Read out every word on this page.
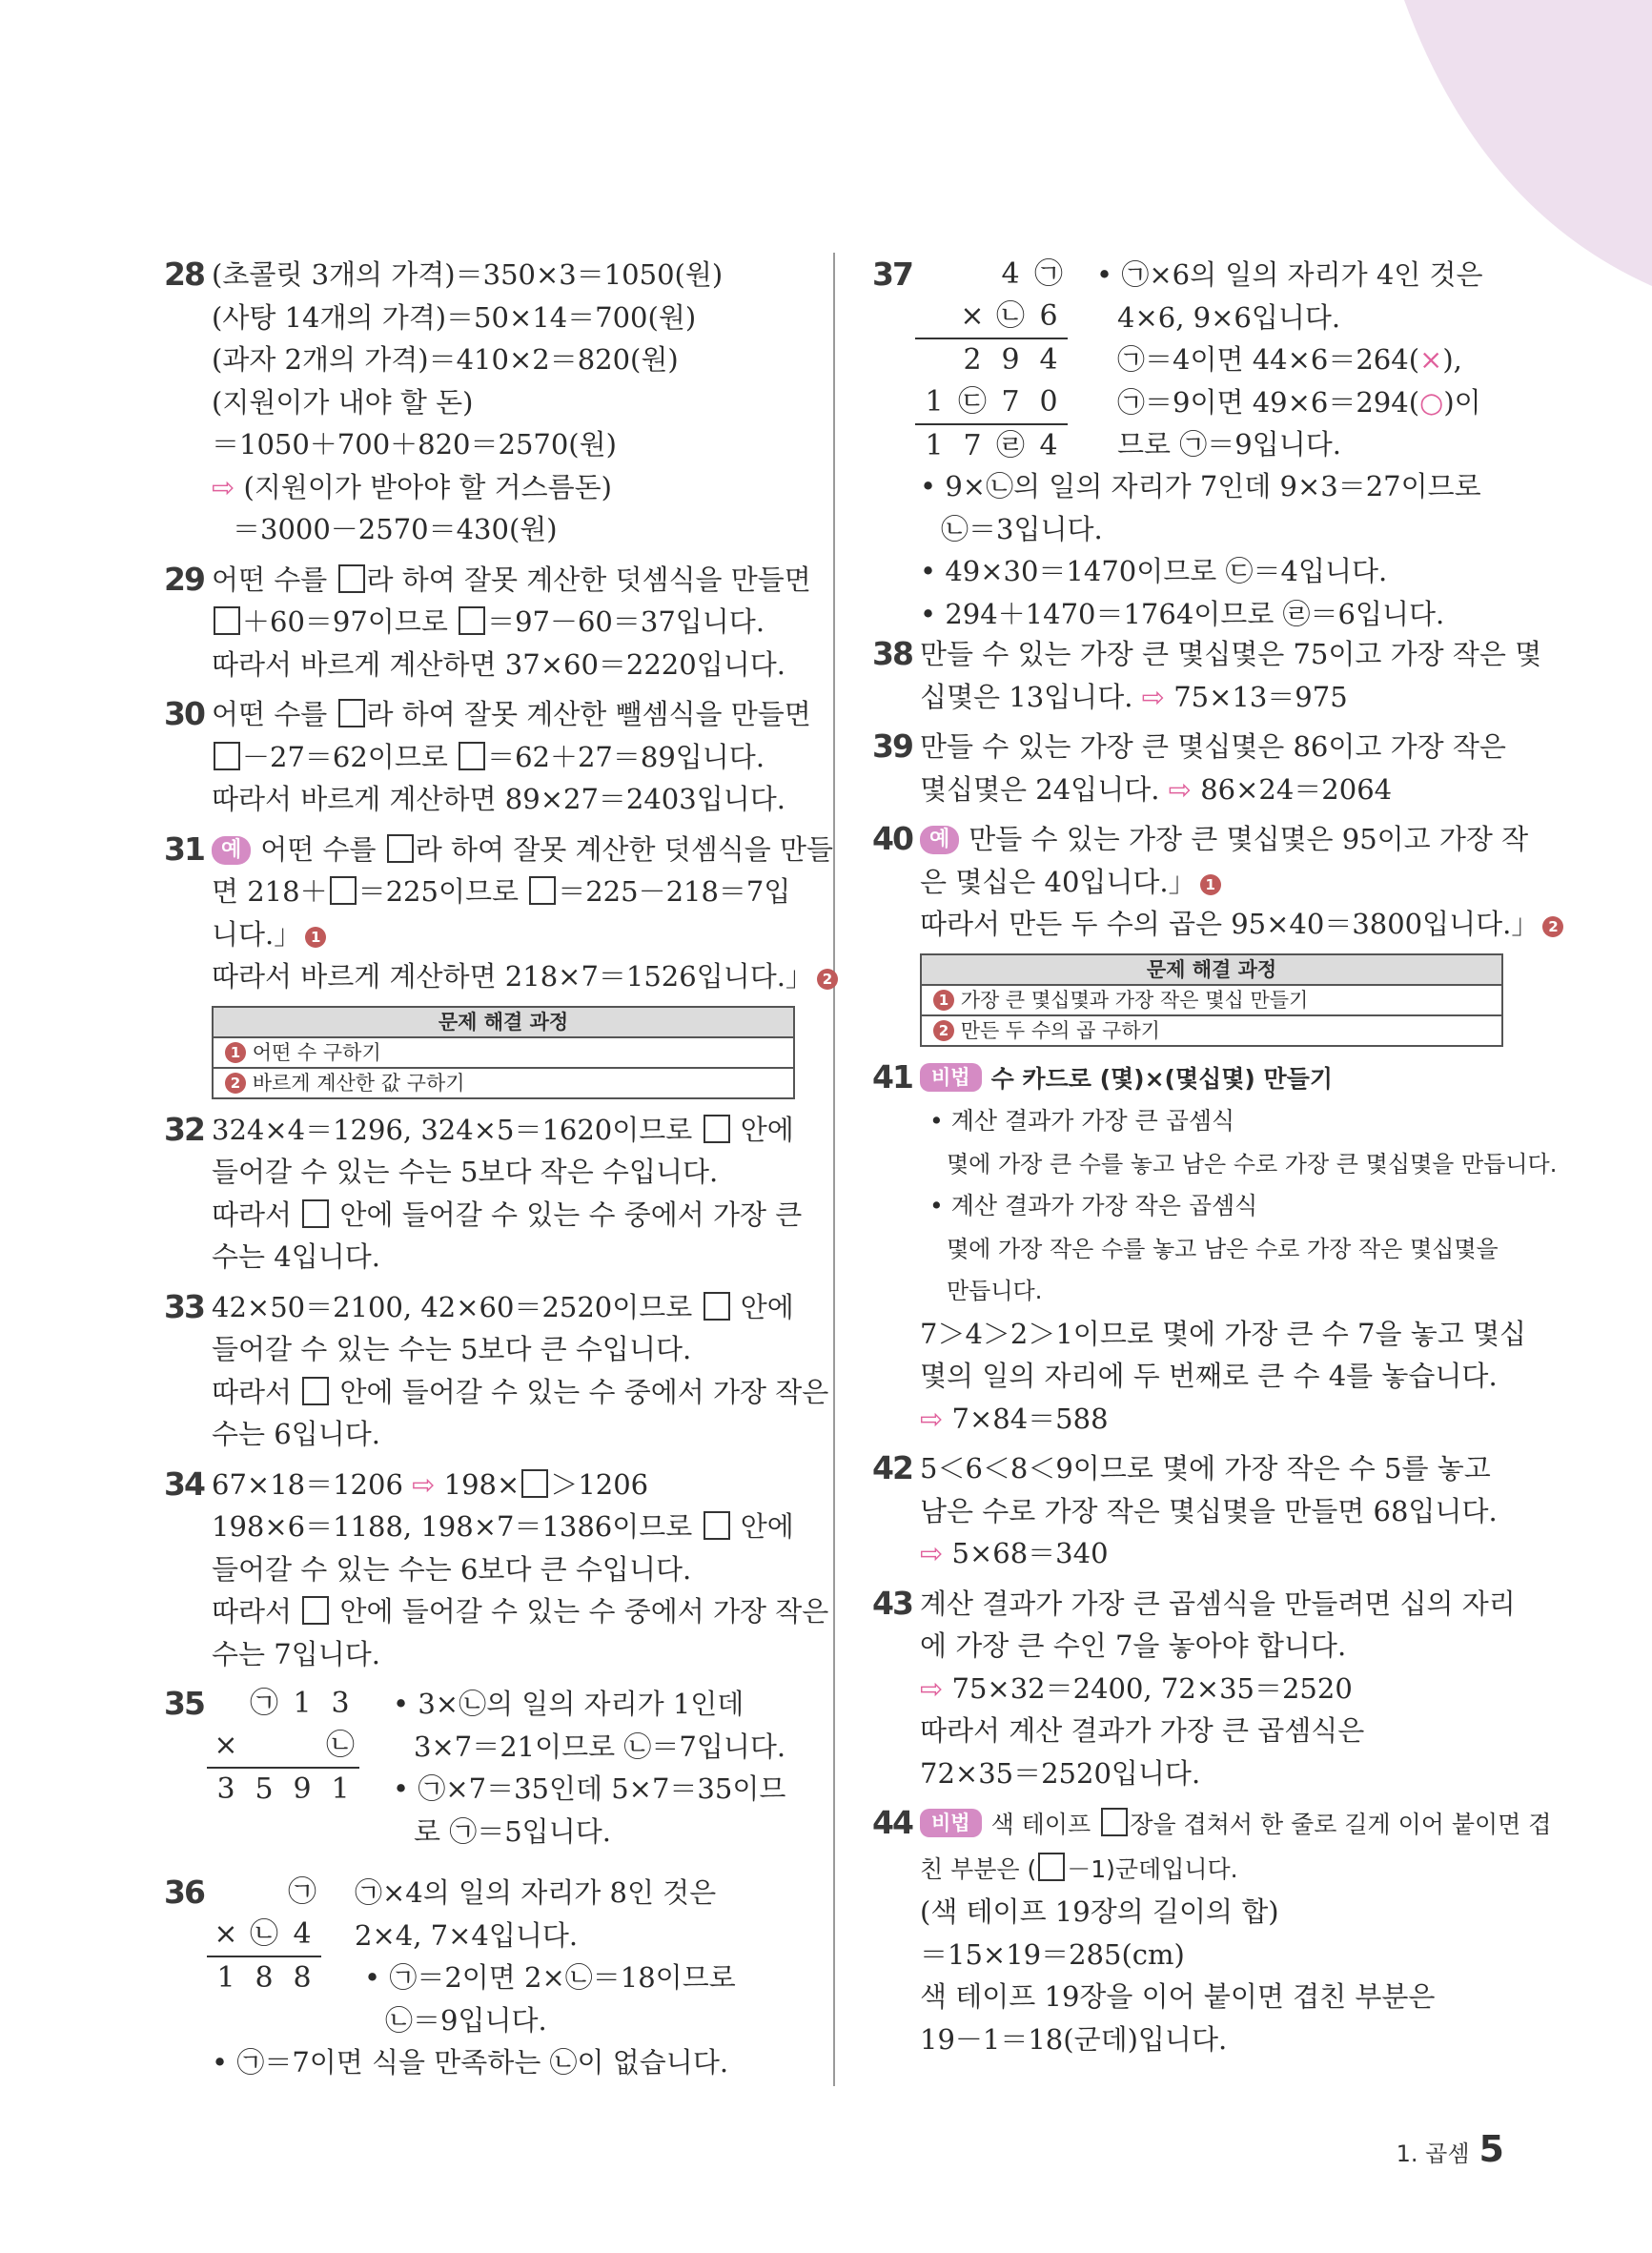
28 (초콜릿 3개의 가격)＝350×3＝1050(원)
(사탕 14개의 가격)＝50×14＝700(원)
(과자 2개의 가격)＝410×2＝820(원)
(지원이가 내야 할 돈)
＝1050＋700＋820＝2570(원)
⇨ (지원이가 받아야 할 거스름돈)
＝3000－2570＝430(원)
29 어떤 수를 라 하여 잘못 계산한 덧셈식을 만들면
＋60＝97이므로 ＝97－60＝37입니다.
따라서 바르게 계산하면 37×60＝2220입니다.
30 어떤 수를 라 하여 잘못 계산한 뺄셈식을 만들면
－27＝62이므로 ＝62＋27＝89입니다.
따라서 바르게 계산하면 89×27＝2403입니다.
31 예 어떤 수를 라 하여 잘못 계산한 덧셈식을 만들
면 218＋ ＝225이므로 ＝225－218＝7입
니다.」 1
따라서 바르게 계산하면 218×7＝1526입니다.」 2
문제 해결 과정
1 어떤 수 구하기
2 바르게 계산한 값 구하기
32 324×4＝1296, 324×5＝1620이므로 안에
들어갈 수 있는 수는 5보다 작은 수입니다.
따라서 안에 들어갈 수 있는 수 중에서 가장 큰
수는 4입니다.
33 42×50＝2100, 42×60＝2520이므로 안에
들어갈 수 있는 수는 5보다 큰 수입니다.
따라서 안에 들어갈 수 있는 수 중에서 가장 작은
수는 6입니다.
34 67×18＝1206 ⇨ 198× ＞1206
198×6＝1188, 198×7＝1386이므로 안에
들어갈 수 있는 수는 6보다 큰 수입니다.
따라서 안에 들어갈 수 있는 수 중에서 가장 작은
수는 7입니다.
35
	㉠	1	3
×			㉡
3	5	9	1
• 3×㉡의 일의 자리가 1인데
3×7＝21이므로 ㉡＝7입니다.
• ㉠×7＝35인데 5×7＝35이므
로 ㉠＝5입니다.
36
			㉠
×	㉡	4
1	8	8
㉠×4의 일의 자리가 8인 것은
2×4, 7×4입니다.
• ㉠＝2이면 2×㉡＝18이므로
㉡＝9입니다.
• ㉠＝7이면 식을 만족하는 ㉡이 없습니다.
37
			4	㉠
	×	㉡	6
	2	9	4
1	㉢	7	0
1	7	㉣	4
• ㉠×6의 일의 자리가 4인 것은
4×6, 9×6입니다.
㉠＝4이면 44×6＝264(×),
㉠＝9이면 49×6＝294(○)이
므로 ㉠＝9입니다.
• 9×㉡의 일의 자리가 7인데 9×3＝27이므로
㉡＝3입니다.
• 49×30＝1470이므로 ㉢＝4입니다.
• 294＋1470＝1764이므로 ㉣＝6입니다.
38 만들 수 있는 가장 큰 몇십몇은 75이고 가장 작은 몇
십몇은 13입니다. ⇨ 75×13＝975
39 만들 수 있는 가장 큰 몇십몇은 86이고 가장 작은
몇십몇은 24입니다. ⇨ 86×24＝2064
40 예 만들 수 있는 가장 큰 몇십몇은 95이고 가장 작
은 몇십은 40입니다.」 1
따라서 만든 두 수의 곱은 95×40＝3800입니다.」 2
문제 해결 과정
1 가장 큰 몇십몇과 가장 작은 몇십 만들기
2 만든 두 수의 곱 구하기
41 비법 수 카드로 (몇)×(몇십몇) 만들기
• 계산 결과가 가장 큰 곱셈식
몇에 가장 큰 수를 놓고 남은 수로 가장 큰 몇십몇을 만듭니다.
• 계산 결과가 가장 작은 곱셈식
몇에 가장 작은 수를 놓고 남은 수로 가장 작은 몇십몇을
만듭니다.
7＞4＞2＞1이므로 몇에 가장 큰 수 7을 놓고 몇십
몇의 일의 자리에 두 번째로 큰 수 4를 놓습니다.
⇨ 7×84＝588
42 5＜6＜8＜9이므로 몇에 가장 작은 수 5를 놓고
남은 수로 가장 작은 몇십몇을 만들면 68입니다.
⇨ 5×68＝340
43 계산 결과가 가장 큰 곱셈식을 만들려면 십의 자리
에 가장 큰 수인 7을 놓아야 합니다.
⇨ 75×32＝2400, 72×35＝2520
따라서 계산 결과가 가장 큰 곱셈식은
72×35＝2520입니다.
44 비법 색 테이프 장을 겹쳐서 한 줄로 길게 이어 붙이면 겹
친 부분은 ( －1)군데입니다.
(색 테이프 19장의 길이의 합)
＝15×19＝285(cm)
색 테이프 19장을 이어 붙이면 겹친 부분은
19－1＝18(군데)입니다.
1. 곱셈 5
